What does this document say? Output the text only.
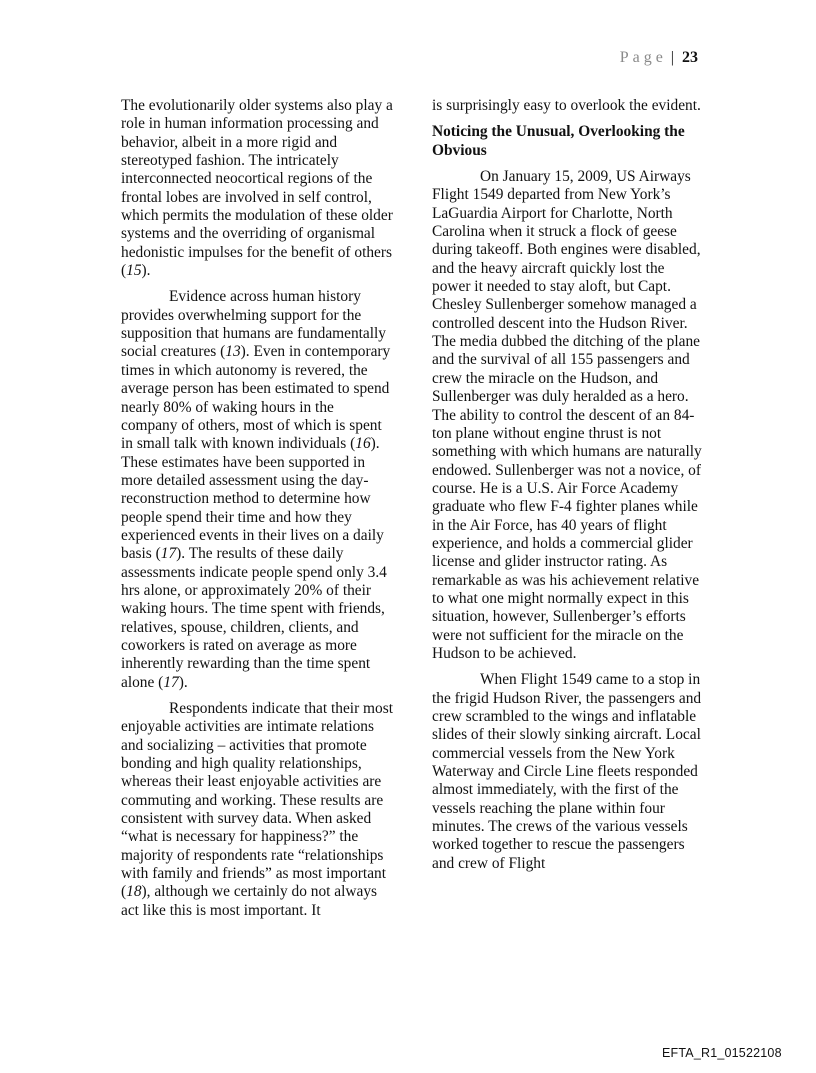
Page | 23

The evolutionarily older systems also play a role in human information processing and behavior, albeit in a more rigid and stereotyped fashion. The intricately interconnected neocortical regions of the frontal lobes are involved in self control, which permits the modulation of these older systems and the overriding of organismal hedonistic impulses for the benefit of others (15).

Evidence across human history provides overwhelming support for the supposition that humans are fundamentally social creatures (13). Even in contemporary times in which autonomy is revered, the average person has been estimated to spend nearly 80% of waking hours in the company of others, most of which is spent in small talk with known individuals (16). These estimates have been supported in more detailed assessment using the day-reconstruction method to determine how people spend their time and how they experienced events in their lives on a daily basis (17). The results of these daily assessments indicate people spend only 3.4 hrs alone, or approximately 20% of their waking hours. The time spent with friends, relatives, spouse, children, clients, and coworkers is rated on average as more inherently rewarding than the time spent alone (17).

Respondents indicate that their most enjoyable activities are intimate relations and socializing – activities that promote bonding and high quality relationships, whereas their least enjoyable activities are commuting and working. These results are consistent with survey data. When asked “what is necessary for happiness?” the majority of respondents rate “relationships with family and friends” as most important (18), although we certainly do not always act like this is most important. It

is surprisingly easy to overlook the evident.

Noticing the Unusual, Overlooking the Obvious

On January 15, 2009, US Airways Flight 1549 departed from New York’s LaGuardia Airport for Charlotte, North Carolina when it struck a flock of geese during takeoff. Both engines were disabled, and the heavy aircraft quickly lost the power it needed to stay aloft, but Capt. Chesley Sullenberger somehow managed a controlled descent into the Hudson River. The media dubbed the ditching of the plane and the survival of all 155 passengers and crew the miracle on the Hudson, and Sullenberger was duly heralded as a hero. The ability to control the descent of an 84-ton plane without engine thrust is not something with which humans are naturally endowed. Sullenberger was not a novice, of course. He is a U.S. Air Force Academy graduate who flew F-4 fighter planes while in the Air Force, has 40 years of flight experience, and holds a commercial glider license and glider instructor rating. As remarkable as was his achievement relative to what one might normally expect in this situation, however, Sullenberger’s efforts were not sufficient for the miracle on the Hudson to be achieved.

When Flight 1549 came to a stop in the frigid Hudson River, the passengers and crew scrambled to the wings and inflatable slides of their slowly sinking aircraft. Local commercial vessels from the New York Waterway and Circle Line fleets responded almost immediately, with the first of the vessels reaching the plane within four minutes. The crews of the various vessels worked together to rescue the passengers and crew of Flight

EFTA_R1_01522108
